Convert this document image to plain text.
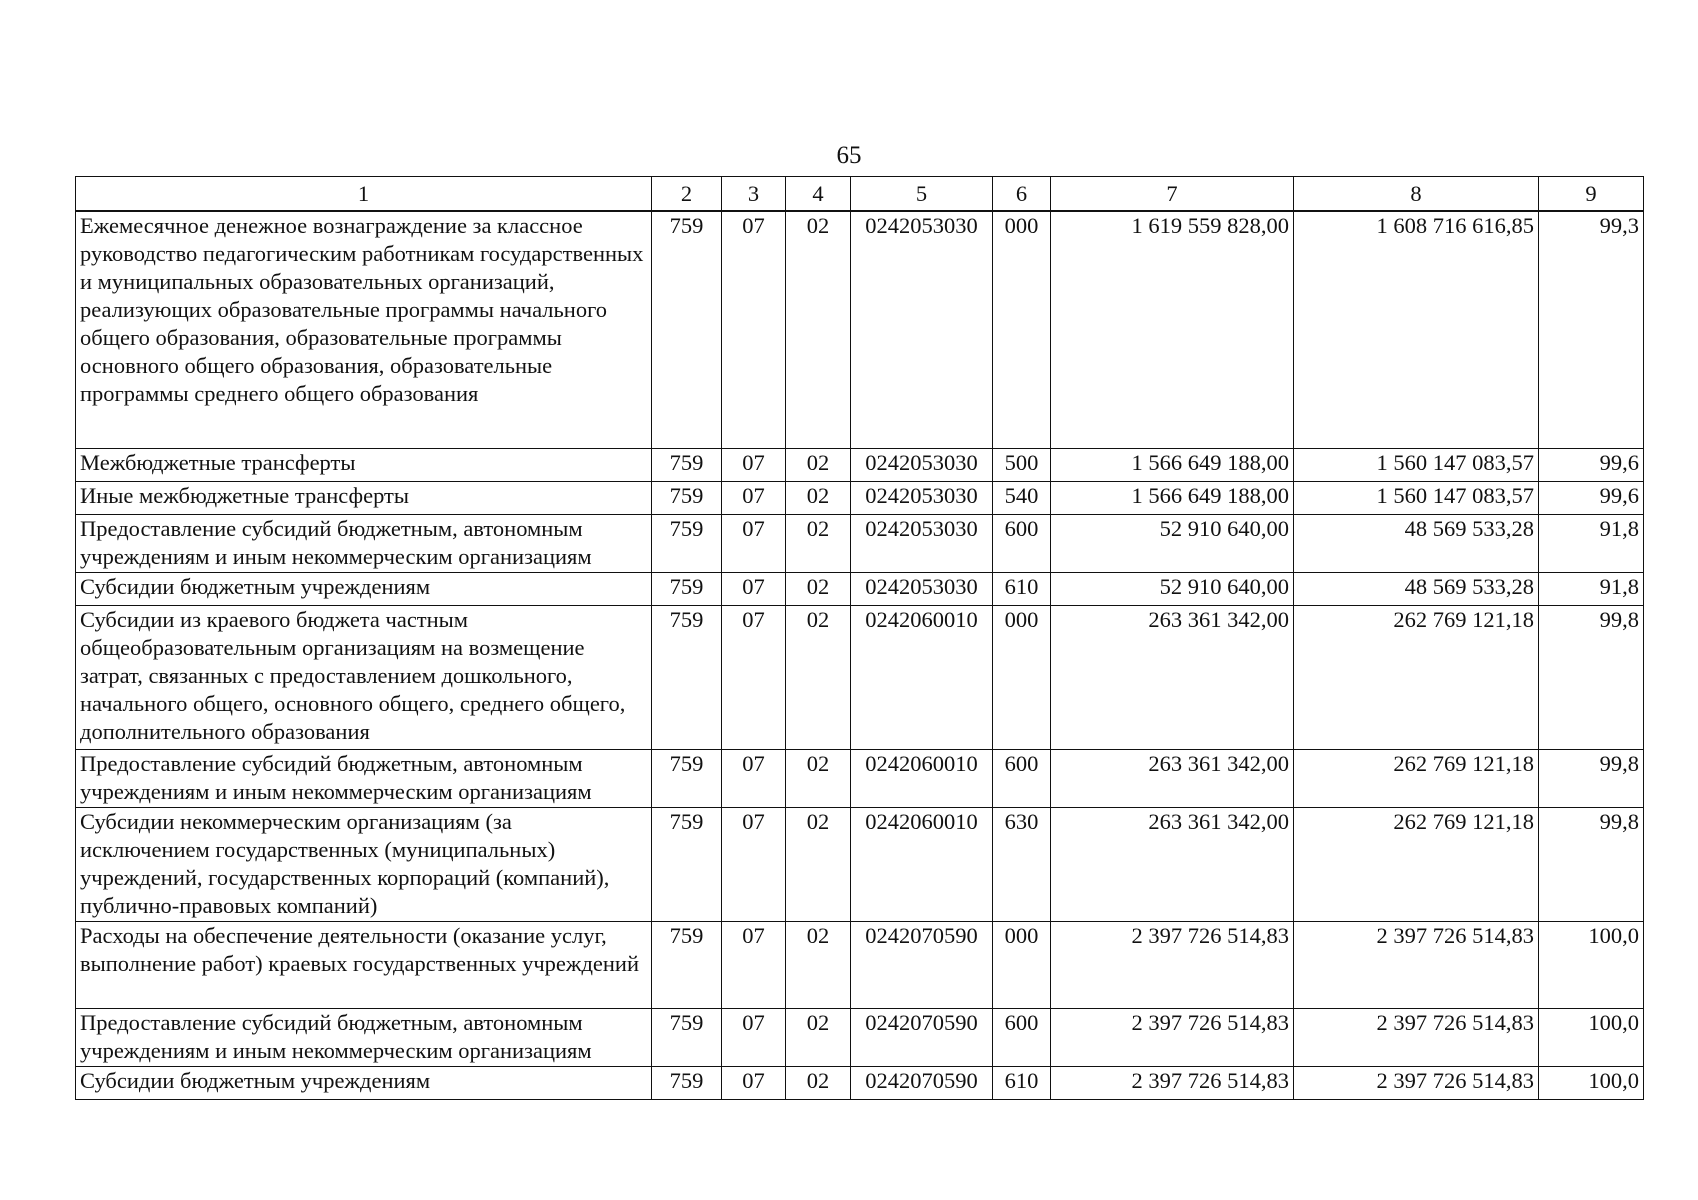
65
1	2	3	4	5	6	7	8	9
Ежемесячное денежное вознаграждение за классное руководство педагогическим работникам государственных и муниципальных образовательных организаций, реализующих образовательные программы начального общего образования, образовательные программы основного общего образования, образовательные программы среднего общего образования	759	07	02	0242053030	000	1 619 559 828,00	1 608 716 616,85	99,3
Межбюджетные трансферты	759	07	02	0242053030	500	1 566 649 188,00	1 560 147 083,57	99,6
Иные межбюджетные трансферты	759	07	02	0242053030	540	1 566 649 188,00	1 560 147 083,57	99,6
Предоставление субсидий бюджетным, автономным учреждениям и иным некоммерческим организациям	759	07	02	0242053030	600	52 910 640,00	48 569 533,28	91,8
Субсидии бюджетным учреждениям	759	07	02	0242053030	610	52 910 640,00	48 569 533,28	91,8
Субсидии из краевого бюджета частным общеобразовательным организациям на возмещение затрат, связанных с предоставлением дошкольного, начального общего, основного общего, среднего общего, дополнительного образования	759	07	02	0242060010	000	263 361 342,00	262 769 121,18	99,8
Предоставление субсидий бюджетным, автономным учреждениям и иным некоммерческим организациям	759	07	02	0242060010	600	263 361 342,00	262 769 121,18	99,8
Субсидии некоммерческим организациям (за исключением государственных (муниципальных) учреждений, государственных корпораций (компаний), публично-правовых компаний)	759	07	02	0242060010	630	263 361 342,00	262 769 121,18	99,8
Расходы на обеспечение деятельности (оказание услуг, выполнение работ) краевых государственных учреждений	759	07	02	0242070590	000	2 397 726 514,83	2 397 726 514,83	100,0
Предоставление субсидий бюджетным, автономным учреждениям и иным некоммерческим организациям	759	07	02	0242070590	600	2 397 726 514,83	2 397 726 514,83	100,0
Субсидии бюджетным учреждениям	759	07	02	0242070590	610	2 397 726 514,83	2 397 726 514,83	100,0
